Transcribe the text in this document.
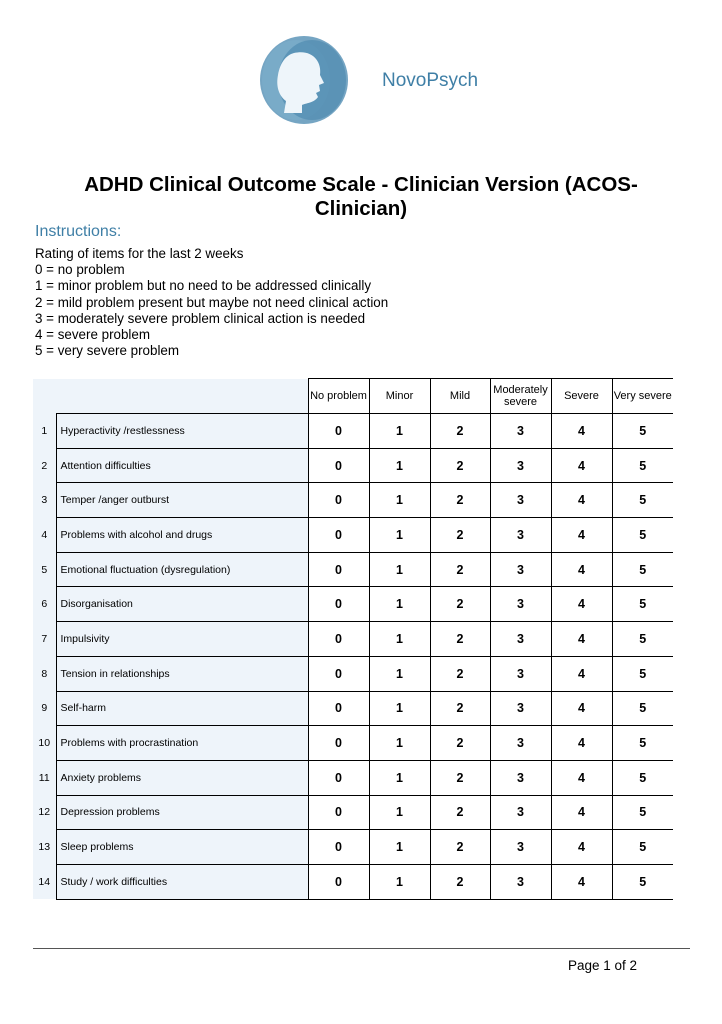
NovoPsych
ADHD Clinical Outcome Scale - Clinician Version (ACOS-Clinician)
Instructions:
Rating of items for the last 2 weeks
0 = no problem
1 = minor problem but no need to be addressed clinically
2 = mild problem present but maybe not need clinical action
3 = moderately severe problem clinical action is needed
4 = severe problem
5 = very severe problem
		No problem	Minor	Mild	Moderately severe	Severe	Very severe
1	Hyperactivity /restlessness	0	1	2	3	4	5
2	Attention difficulties	0	1	2	3	4	5
3	Temper /anger outburst	0	1	2	3	4	5
4	Problems with alcohol and drugs	0	1	2	3	4	5
5	Emotional fluctuation (dysregulation)	0	1	2	3	4	5
6	Disorganisation	0	1	2	3	4	5
7	Impulsivity	0	1	2	3	4	5
8	Tension in relationships	0	1	2	3	4	5
9	Self-harm	0	1	2	3	4	5
10	Problems with procrastination	0	1	2	3	4	5
11	Anxiety problems	0	1	2	3	4	5
12	Depression problems	0	1	2	3	4	5
13	Sleep problems	0	1	2	3	4	5
14	Study / work difficulties	0	1	2	3	4	5
Page 1 of 2
